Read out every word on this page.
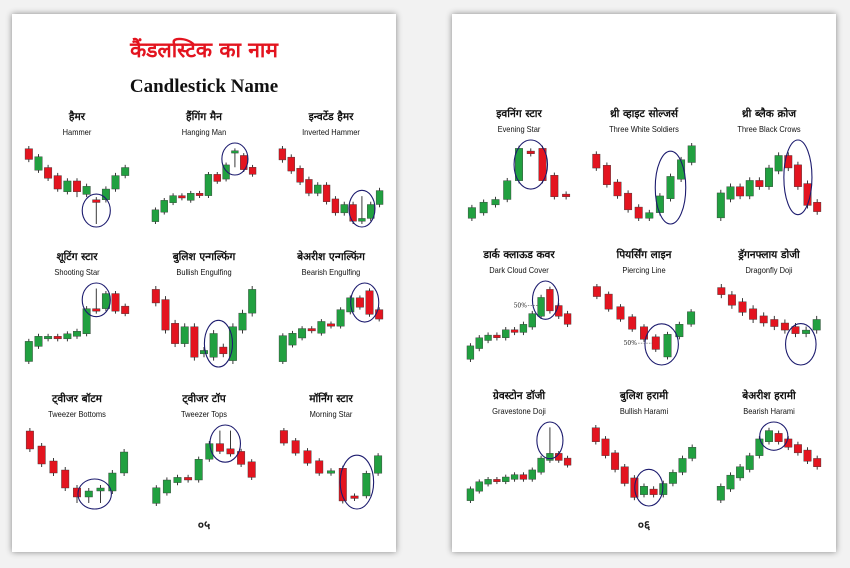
कैंडलस्टिक का नाम
Candlestick Name
हैमर
Hammer
हैंगिंग मैन
Hanging Man
इन्वर्टेड हैमर
Inverted Hammer
शूटिंग स्टार
Shooting Star
बुलिश एन्गल्फिंग
Bullish Engulfing
बेअरीश एन्गल्फिंग
Bearish Engulfing
ट्वीजर बॉटम
Tweezer Bottoms
ट्वीजर टॉप
Tweezer Tops
मॉर्निंग स्टार
Morning Star
०५
इवनिंग स्टार
Evening Star
थ्री व्हाइट सोल्जर्स
Three White Soldiers
थ्री ब्लैक क्रोज
Three Black Crows
डार्क क्लाऊड कवर
Dark Cloud Cover
50%
पियर्सिंग लाइन
Piercing Line
50%
ड्रॅगनफ्लाय डोजी
Dragonfly Doji
ग्रेवस्टोन डॉजी
Gravestone Doji
बुलिश हरामी
Bullish Harami
बेअरीश हरामी
Bearish Harami
०६
